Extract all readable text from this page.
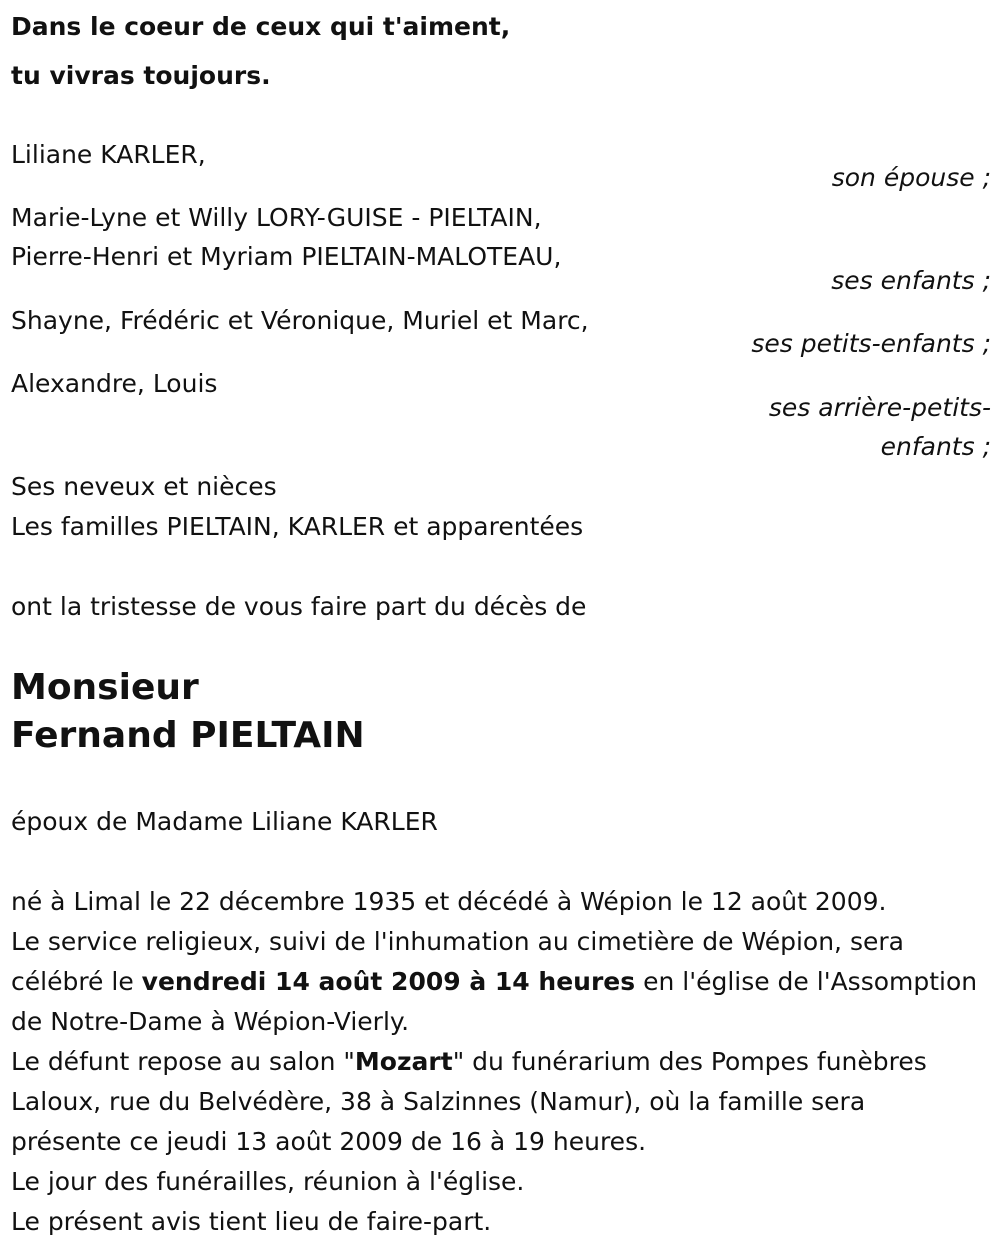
Dans le coeur de ceux qui t'aiment,
tu vivras toujours.
Liliane KARLER,
son épouse ;
Marie-Lyne et Willy LORY-GUISE - PIELTAIN,
Pierre-Henri et Myriam PIELTAIN-MALOTEAU,
ses enfants ;
Shayne, Frédéric et Véronique, Muriel et Marc,
ses petits-enfants ;
Alexandre, Louis
ses arrière-petits-
enfants ;
Ses neveux et nièces
Les familles PIELTAIN, KARLER et apparentées
ont la tristesse de vous faire part du décès de
Monsieur
Fernand PIELTAIN
époux de Madame Liliane KARLER
né à Limal le 22 décembre 1935 et décédé à Wépion le 12 août 2009.
Le service religieux, suivi de l'inhumation au cimetière de Wépion, sera
célébré le vendredi 14 août 2009 à 14 heures en l'église de l'Assomption
de Notre-Dame à Wépion-Vierly.
Le défunt repose au salon "Mozart" du funérarium des Pompes funèbres
Laloux, rue du Belvédère, 38 à Salzinnes (Namur), où la famille sera
présente ce jeudi 13 août 2009 de 16 à 19 heures.
Le jour des funérailles, réunion à l'église.
Le présent avis tient lieu de faire-part.
